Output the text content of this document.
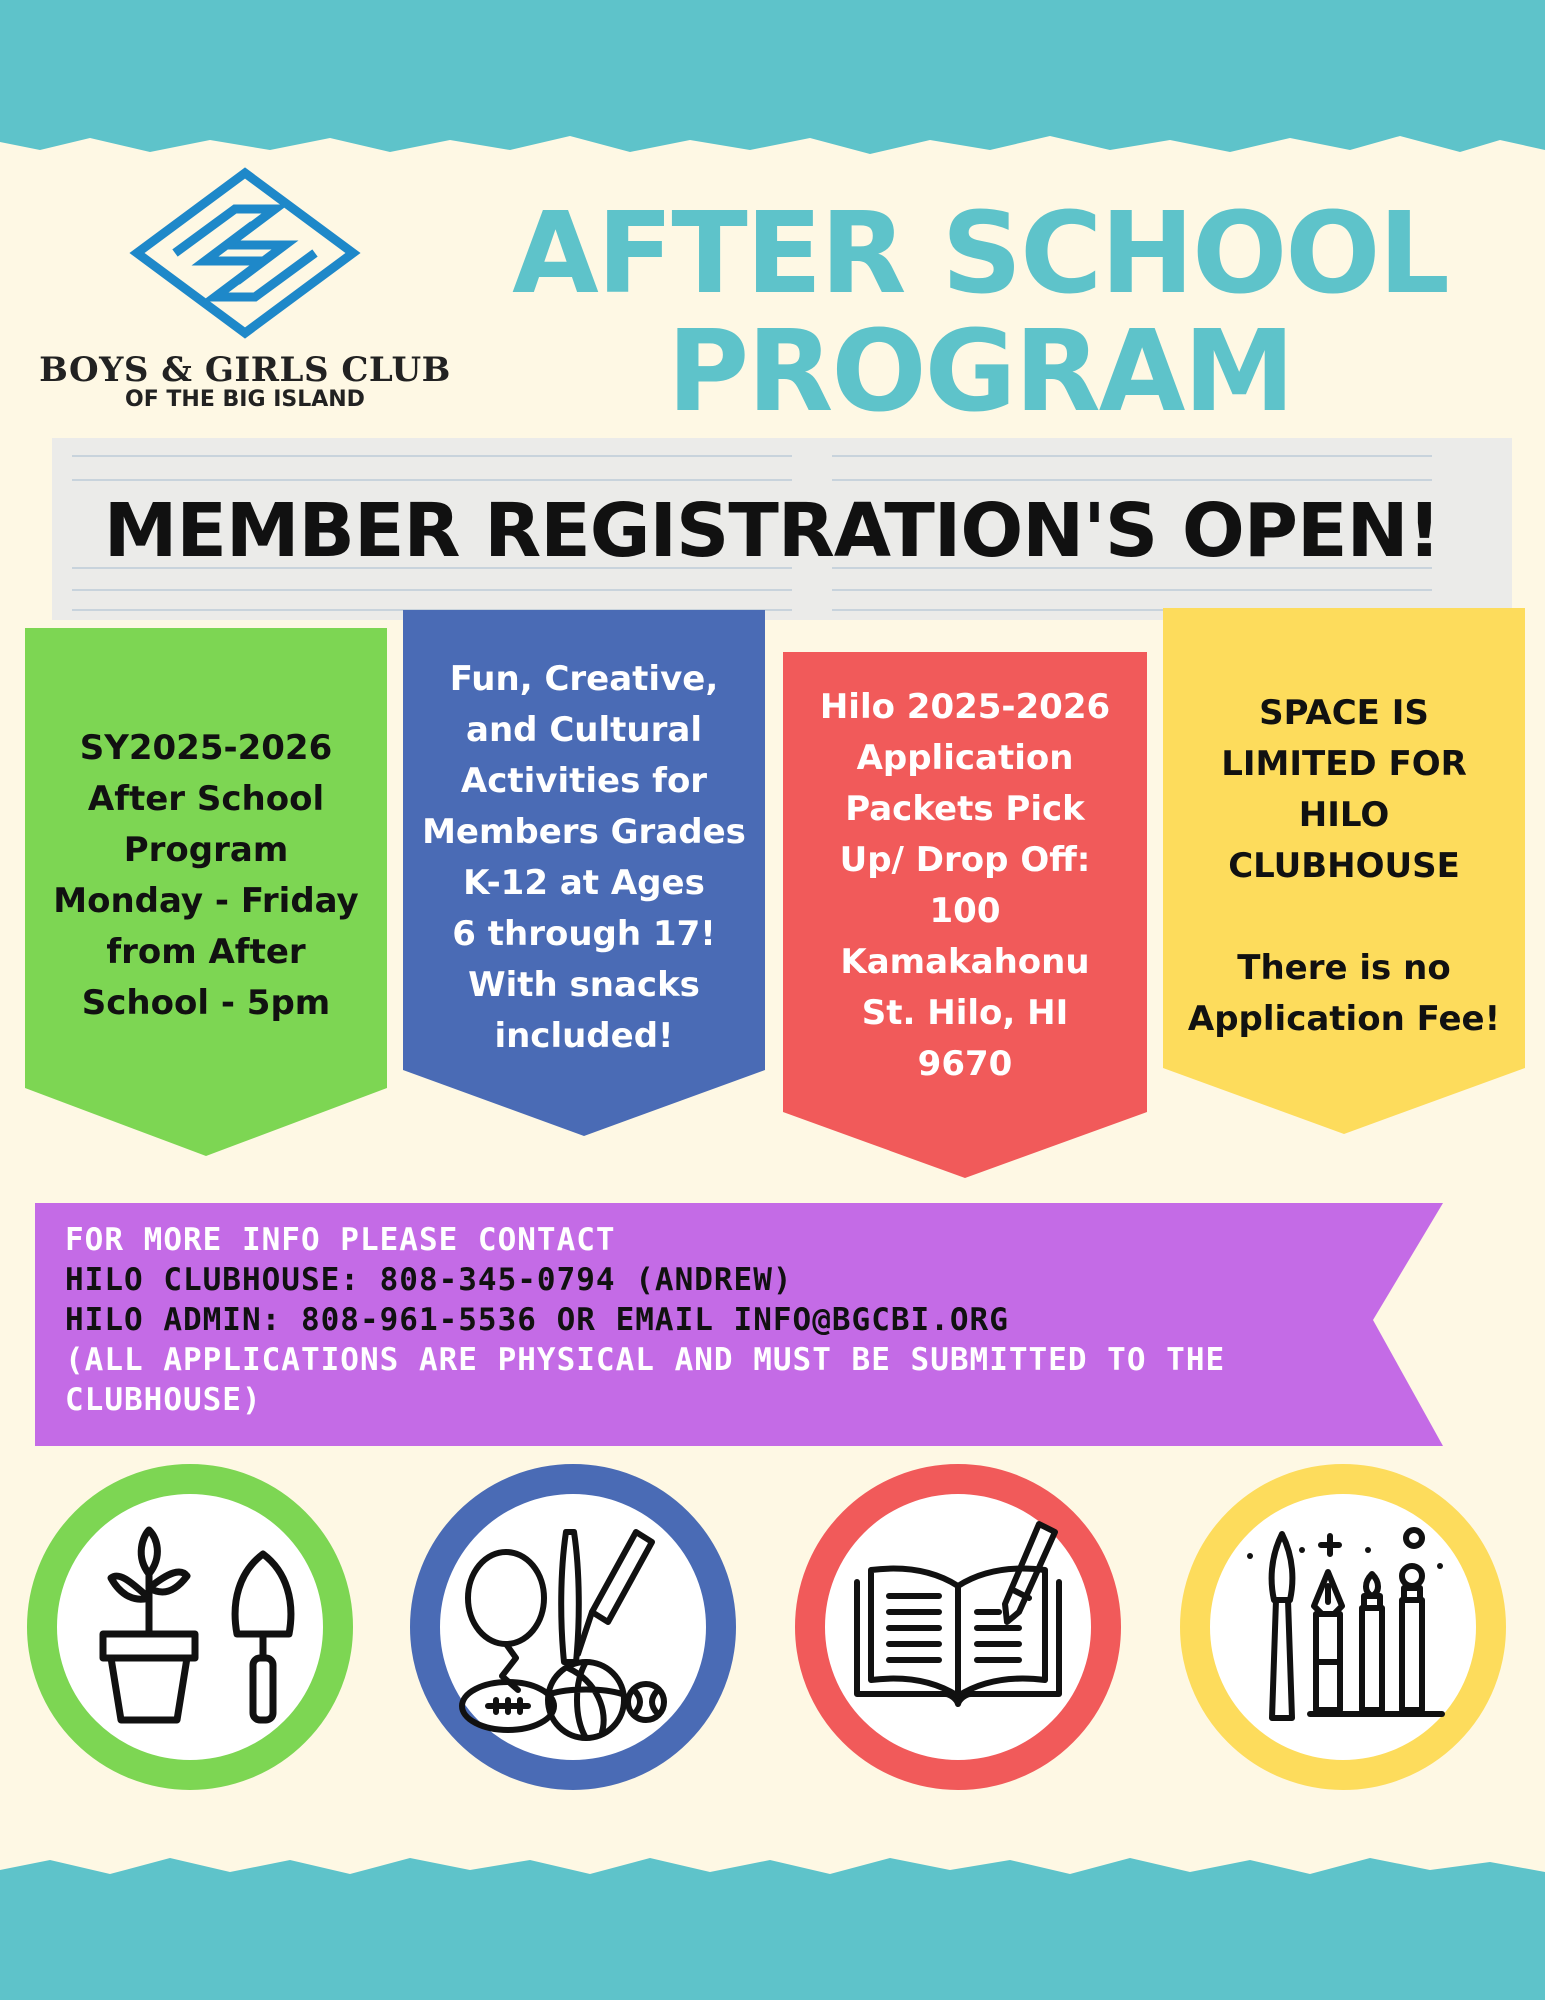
BOYS & GIRLS CLUB
OF THE BIG ISLAND
AFTER SCHOOL
PROGRAM
MEMBER REGISTRATION'S OPEN!
SY2025-2026
After School
Program
Monday - Friday
from After
School - 5pm
Fun, Creative,
and Cultural
Activities for
Members Grades
K-12 at Ages
6 through 17!
With snacks
included!
Hilo 2025-2026
Application
Packets Pick
Up/ Drop Off:
100
Kamakahonu
St. Hilo, HI
9670
SPACE IS
LIMITED FOR
HILO
CLUBHOUSE
There is no
Application Fee!
FOR MORE INFO PLEASE CONTACT
HILO CLUBHOUSE: 808-345-0794 (ANDREW)
HILO ADMIN: 808-961-5536 OR EMAIL INFO@BGCBI.ORG
(ALL APPLICATIONS ARE PHYSICAL AND MUST BE SUBMITTED TO THE
CLUBHOUSE)
